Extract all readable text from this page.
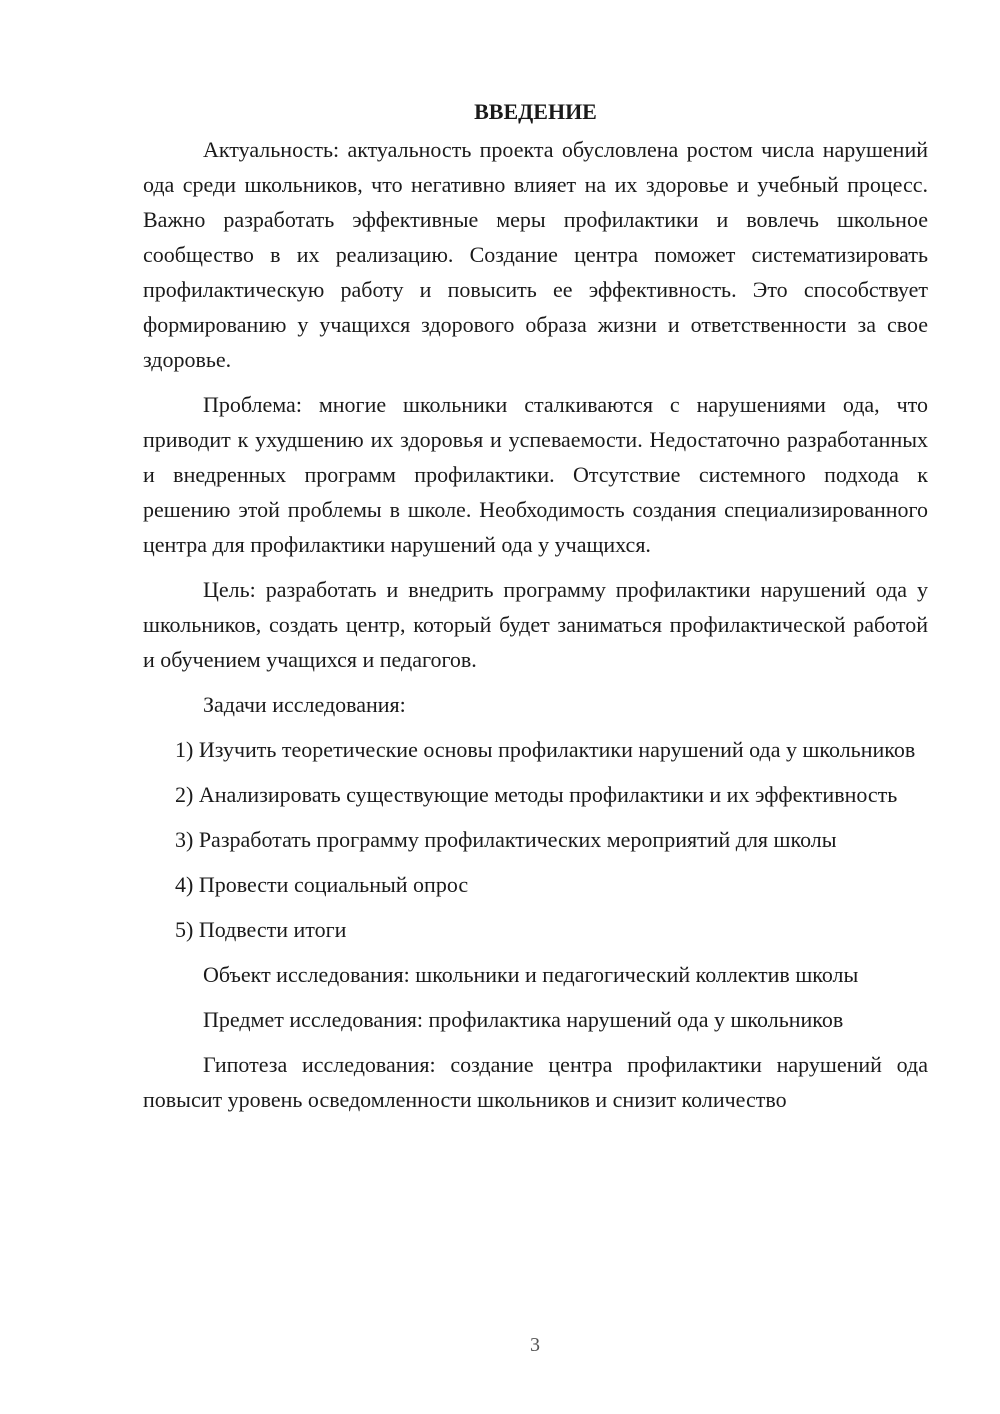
ВВЕДЕНИЕ

Актуальность: актуальность проекта обусловлена ростом числа нарушений ода среди школьников, что негативно влияет на их здоровье и учебный процесс. Важно разработать эффективные меры профилактики и вовлечь школьное сообщество в их реализацию. Создание центра поможет систематизировать профилактическую работу и повысить ее эффективность. Это способствует формированию у учащихся здорового образа жизни и ответственности за свое здоровье.

Проблема: многие школьники сталкиваются с нарушениями ода, что приводит к ухудшению их здоровья и успеваемости. Недостаточно разработанных и внедренных программ профилактики. Отсутствие системного подхода к решению этой проблемы в школе. Необходимость создания специализированного центра для профилактики нарушений ода у учащихся.

Цель: разработать и внедрить программу профилактики нарушений ода у школьников, создать центр, который будет заниматься профилактической работой и обучением учащихся и педагогов.

Задачи исследования:

1) Изучить теоретические основы профилактики нарушений ода у школьников

2) Анализировать существующие методы профилактики и их эффективность

3) Разработать программу профилактических мероприятий для школы

4) Провести социальный опрос

5) Подвести итоги

Объект исследования: школьники и педагогический коллектив школы

Предмет исследования: профилактика нарушений ода у школьников

Гипотеза исследования: создание центра профилактики нарушений ода повысит уровень осведомленности школьников и снизит количество

3
